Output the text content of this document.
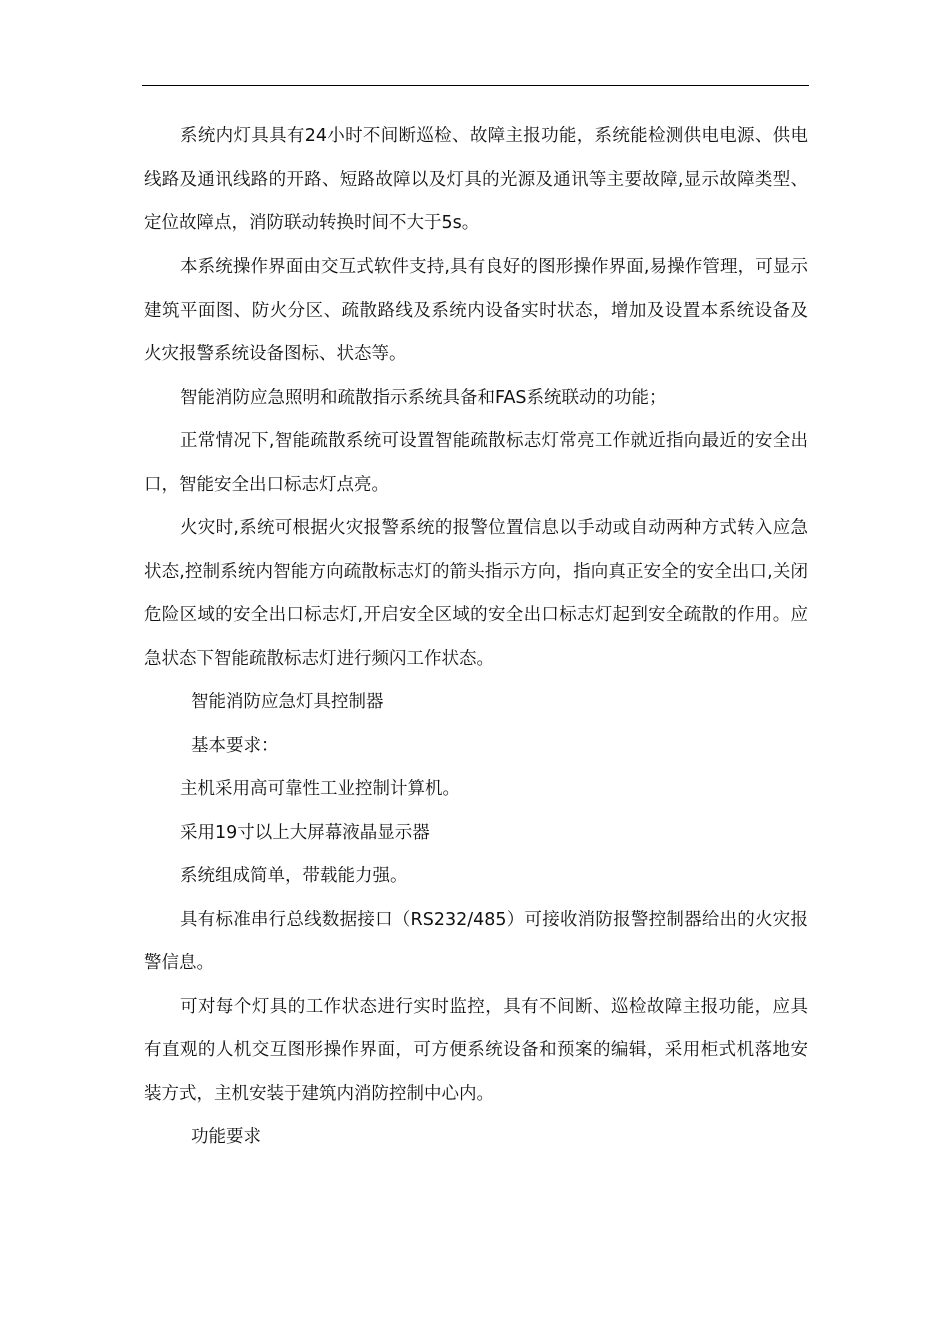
系统内灯具具有24小时不间断巡检、故障主报功能，系统能检测供电电源、供电线路及通讯线路的开路、短路故障以及灯具的光源及通讯等主要故障,显示故障类型、定位故障点，消防联动转换时间不大于5s。

本系统操作界面由交互式软件支持,具有良好的图形操作界面,易操作管理，可显示建筑平面图、防火分区、疏散路线及系统内设备实时状态，增加及设置本系统设备及火灾报警系统设备图标、状态等。

智能消防应急照明和疏散指示系统具备和FAS系统联动的功能；

正常情况下,智能疏散系统可设置智能疏散标志灯常亮工作就近指向最近的安全出口，智能安全出口标志灯点亮。

火灾时,系统可根据火灾报警系统的报警位置信息以手动或自动两种方式转入应急状态,控制系统内智能方向疏散标志灯的箭头指示方向，指向真正安全的安全出口,关闭危险区域的安全出口标志灯,开启安全区域的安全出口标志灯起到安全疏散的作用。应急状态下智能疏散标志灯进行频闪工作状态。

智能消防应急灯具控制器

基本要求：

主机采用高可靠性工业控制计算机。

采用19寸以上大屏幕液晶显示器

系统组成简单，带载能力强。

具有标准串行总线数据接口（RS232/485）可接收消防报警控制器给出的火灾报警信息。

可对每个灯具的工作状态进行实时监控，具有不间断、巡检故障主报功能，应具有直观的人机交互图形操作界面，可方便系统设备和预案的编辑，采用柜式机落地安装方式，主机安装于建筑内消防控制中心内。

功能要求
